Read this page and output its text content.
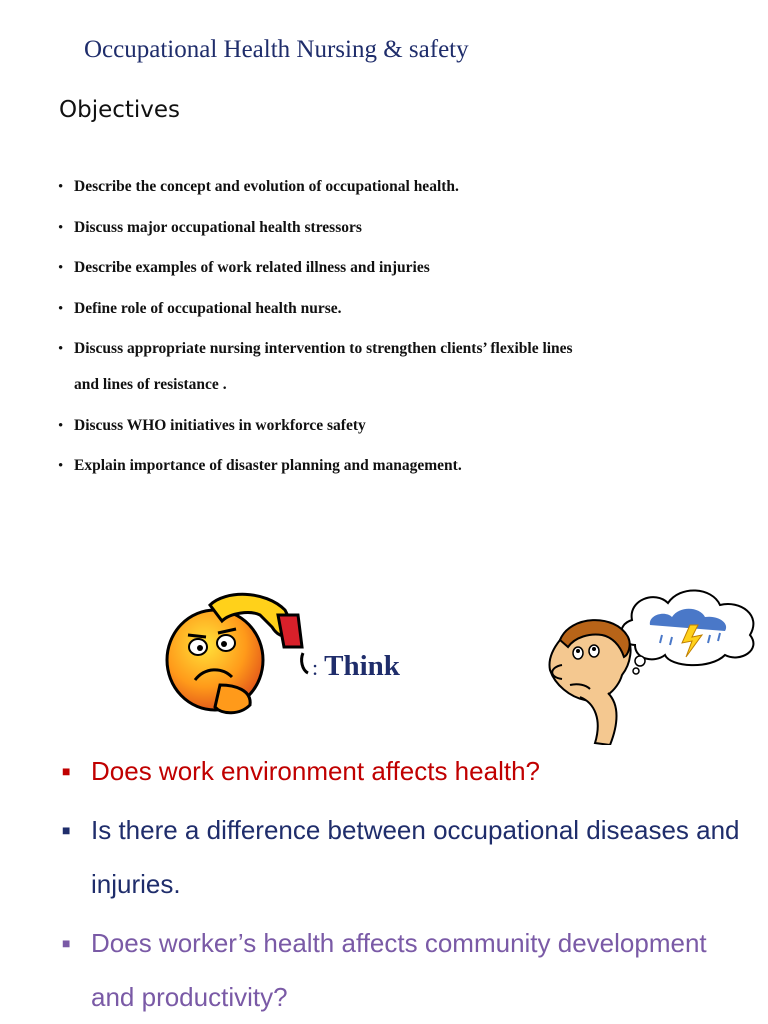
Occupational Health Nursing & safety
Objectives
• Describe the concept and evolution of occupational health.
• Discuss major occupational health stressors
• Describe examples of work related illness and injuries
• Define role of occupational health nurse.
• Discuss appropriate nursing intervention to strengthen clients’ flexible lines
and lines of resistance .
• Discuss WHO initiatives in workforce safety
• Explain importance of disaster planning and management.
: Think
■ Does work environment affects health?
■ Is there a difference between occupational diseases and injuries.
■ Does worker’s health affects community development and productivity?
